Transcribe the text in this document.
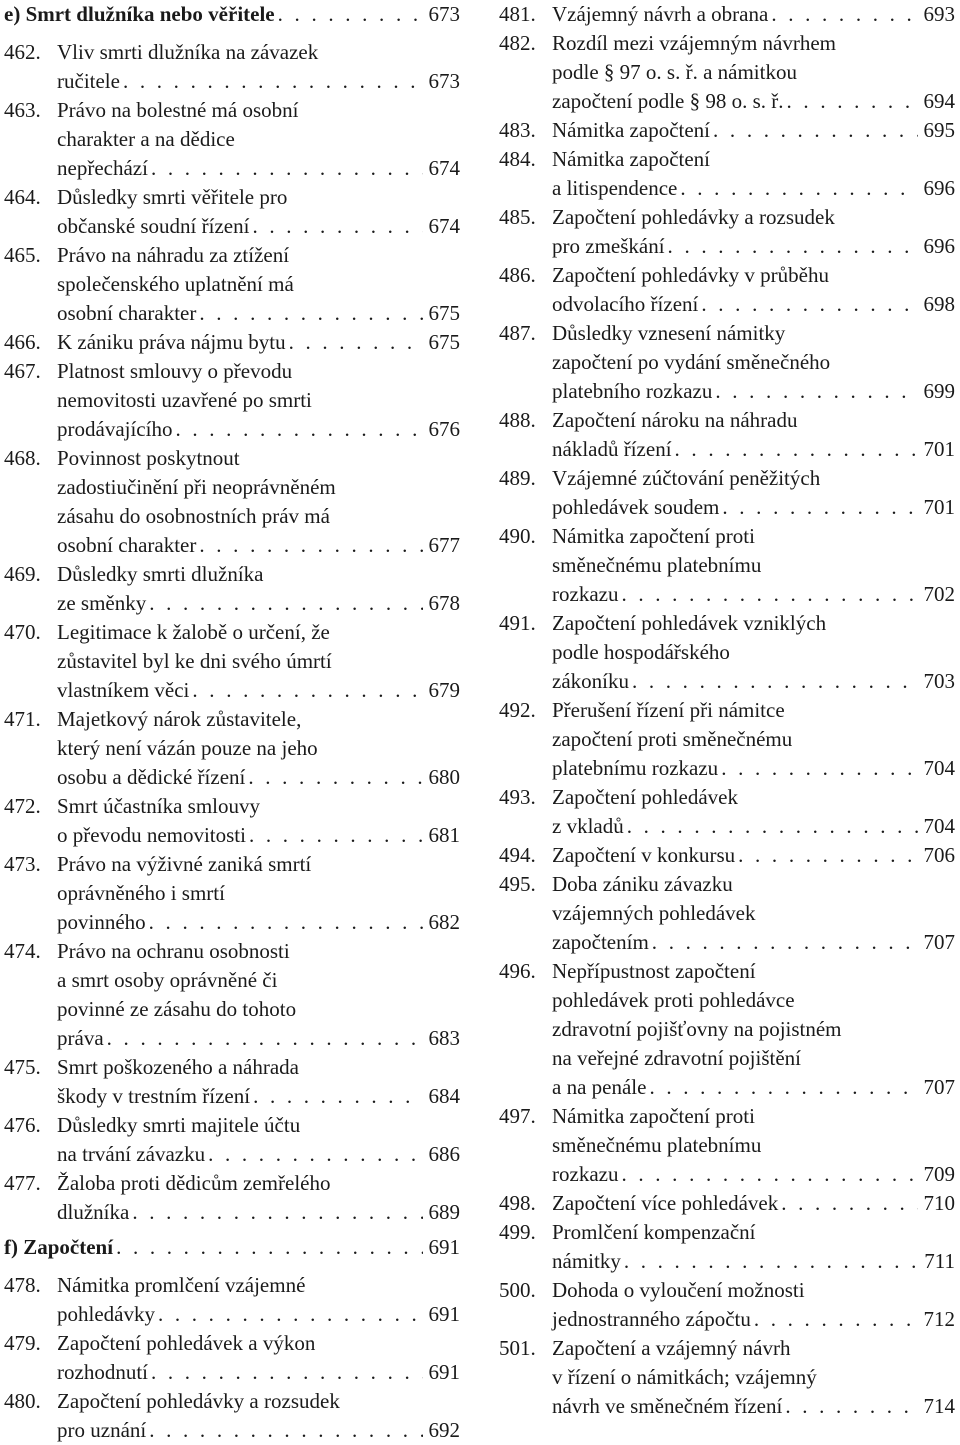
e) Smrt dlužníka nebo věřitele . . .	673
462. Vliv smrti dlužníka na závazek
ručitele . . .	673
463. Právo na bolestné má osobní
charakter a na dědice
nepřechází . . .	674
464. Důsledky smrti věřitele pro
občanské soudní řízení . . .	674
465. Právo na náhradu za ztížení
společenského uplatnění má
osobní charakter . . .	675
466. K zániku práva nájmu bytu . . .	675
467. Platnost smlouvy o převodu
nemovitosti uzavřené po smrti
prodávajícího . . .	676
468. Povinnost poskytnout
zadostiučinění při neoprávněném
zásahu do osobnostních práv má
osobní charakter . . .	677
469. Důsledky smrti dlužníka
ze směnky . . .	678
470. Legitimace k žalobě o určení, že
zůstavitel byl ke dni svého úmrtí
vlastníkem věci . . .	679
471. Majetkový nárok zůstavitele,
který není vázán pouze na jeho
osobu a dědické řízení . . .	680
472. Smrt účastníka smlouvy
o převodu nemovitosti . . .	681
473. Právo na výživné zaniká smrtí
oprávněného i smrtí
povinného . . .	682
474. Právo na ochranu osobnosti
a smrt osoby oprávněné či
povinné ze zásahu do tohoto
práva . . .	683
475. Smrt poškozeného a náhrada
škody v trestním řízení . . .	684
476. Důsledky smrti majitele účtu
na trvání závazku . . .	686
477. Žaloba proti dědicům zemřelého
dlužníka . . .	689
f) Započtení . . .	691
478. Námitka promlčení vzájemné
pohledávky . . .	691
479. Započtení pohledávek a výkon
rozhodnutí . . .	691
480. Započtení pohledávky a rozsudek
pro uznání . . .	692
481. Vzájemný návrh a obrana . . .	693
482. Rozdíl mezi vzájemným návrhem
podle § 97 o. s. ř. a námitkou
započtení podle § 98 o. s. ř. . . .	694
483. Námitka započtení . . .	695
484. Námitka započtení
a litispendence . . .	696
485. Započtení pohledávky a rozsudek
pro zmeškání . . .	696
486. Započtení pohledávky v průběhu
odvolacího řízení . . .	698
487. Důsledky vznesení námitky
započtení po vydání směnečného
platebního rozkazu . . .	699
488. Započtení nároku na náhradu
nákladů řízení . . .	701
489. Vzájemné zúčtování peněžitých
pohledávek soudem . . .	701
490. Námitka započtení proti
směnečnému platebnímu
rozkazu . . .	702
491. Započtení pohledávek vzniklých
podle hospodářského
zákoníku . . .	703
492. Přerušení řízení při námitce
započtení proti směnečnému
platebnímu rozkazu . . .	704
493. Započtení pohledávek
z vkladů . . .	704
494. Započtení v konkursu . . .	706
495. Doba zániku závazku
vzájemných pohledávek
započtením . . .	707
496. Nepřípustnost započtení
pohledávek proti pohledávce
zdravotní pojišťovny na pojistném
na veřejné zdravotní pojištění
a na penále . . .	707
497. Námitka započtení proti
směnečnému platebnímu
rozkazu . . .	709
498. Započtení více pohledávek . . .	710
499. Promlčení kompenzační
námitky . . .	711
500. Dohoda o vyloučení možnosti
jednostranného zápočtu . . .	712
501. Započtení a vzájemný návrh
v řízení o námitkách; vzájemný
návrh ve směnečném řízení . . .	714
